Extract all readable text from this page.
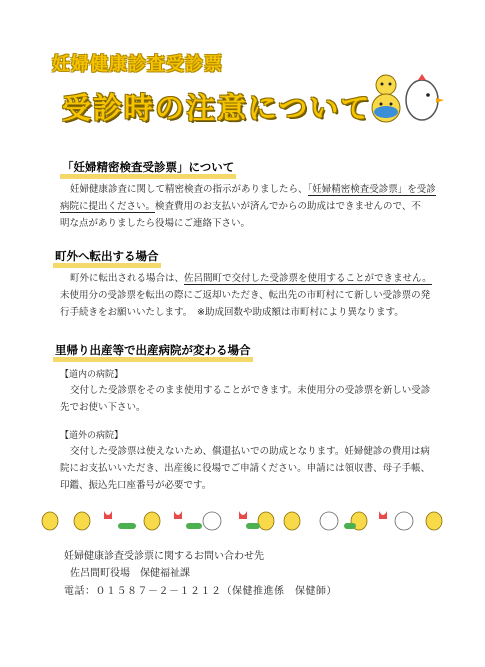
妊婦健康診査受診票
受診時の注意について
「妊婦精密検査受診票」について
妊婦健康診査に関して精密検査の指示がありましたら、「妊婦精密検査受診票」を受診
病院に提出ください。検査費用のお支払いが済んでからの助成はできませんので、不
明な点がありましたら役場にご連絡下さい。
町外へ転出する場合
町外に転出される場合は、佐呂間町で交付した受診票を使用することができません。
未使用分の受診票を転出の際にご返却いただき、転出先の市町村にて新しい受診票の発
行手続きをお願いいたします。　※助成回数や助成額は市町村により異なります。
里帰り出産等で出産病院が変わる場合
【道内の病院】
交付した受診票をそのまま使用することができます。未使用分の受診票を新しい受診
先でお使い下さい。
【道外の病院】
交付した受診票は使えないため、償還払いでの助成となります。妊婦健診の費用は病
院にお支払いいただき、出産後に役場でご申請ください。申請には領収書、母子手帳、
印鑑、振込先口座番号が必要です。
妊婦健康診査受診票に関するお問い合わせ先
佐呂間町役場　保健福祉課
電話：０１５８７－２－１２１２（保健推進係　保健師）
